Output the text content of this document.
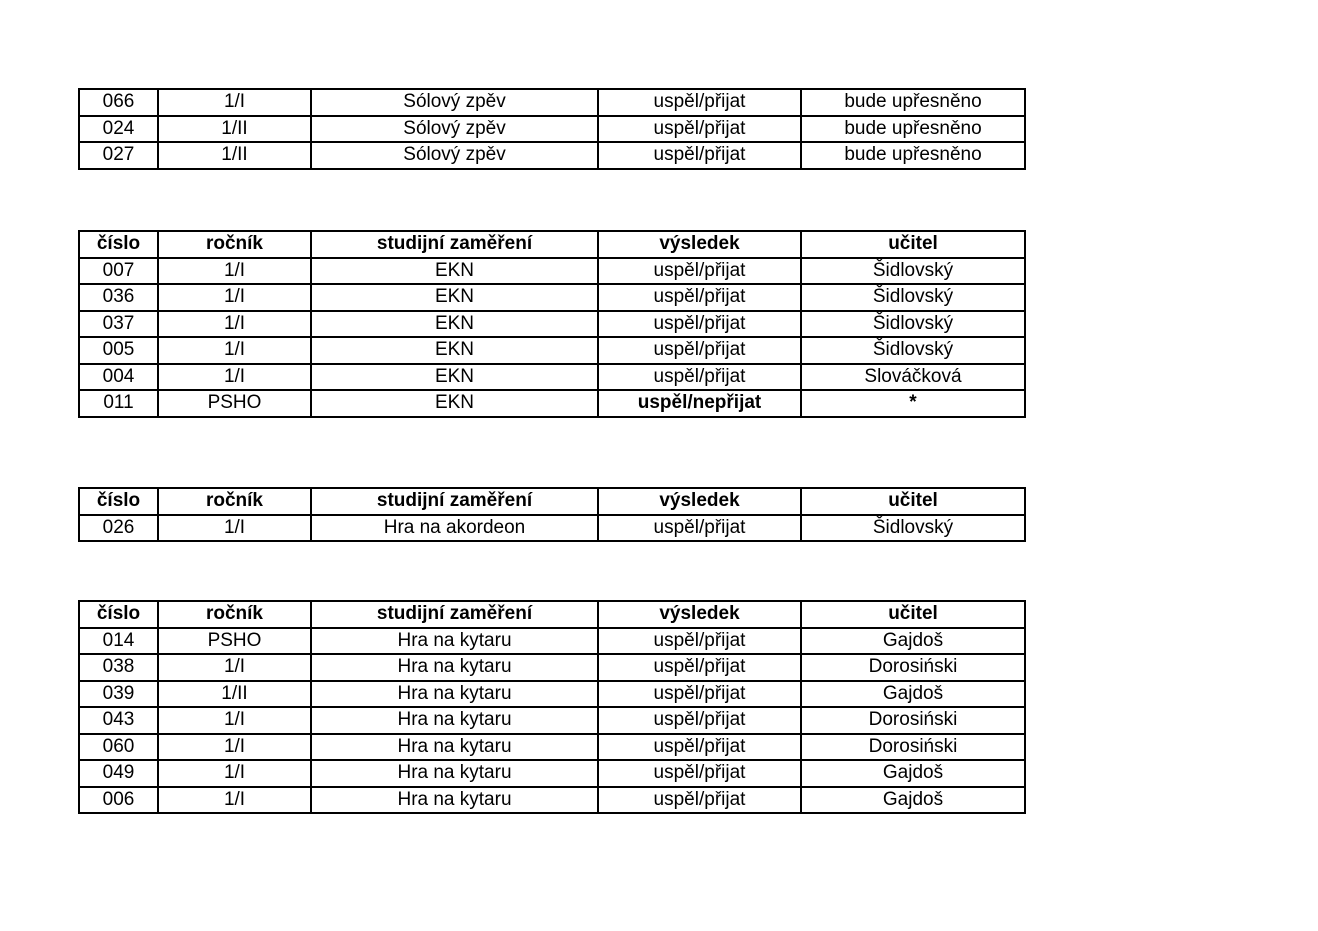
066	1/I	Sólový zpěv	uspěl/přijat	bude upřesněno
024	1/II	Sólový zpěv	uspěl/přijat	bude upřesněno
027	1/II	Sólový zpěv	uspěl/přijat	bude upřesněno
číslo	ročník	studijní zaměření	výsledek	učitel
007	1/I	EKN	uspěl/přijat	Šidlovský
036	1/I	EKN	uspěl/přijat	Šidlovský
037	1/I	EKN	uspěl/přijat	Šidlovský
005	1/I	EKN	uspěl/přijat	Šidlovský
004	1/I	EKN	uspěl/přijat	Slováčková
011	PSHO	EKN	uspěl/nepřijat	*
číslo	ročník	studijní zaměření	výsledek	učitel
026	1/I	Hra na akordeon	uspěl/přijat	Šidlovský
číslo	ročník	studijní zaměření	výsledek	učitel
014	PSHO	Hra na kytaru	uspěl/přijat	Gajdoš
038	1/I	Hra na kytaru	uspěl/přijat	Dorosiński
039	1/II	Hra na kytaru	uspěl/přijat	Gajdoš
043	1/I	Hra na kytaru	uspěl/přijat	Dorosiński
060	1/I	Hra na kytaru	uspěl/přijat	Dorosiński
049	1/I	Hra na kytaru	uspěl/přijat	Gajdoš
006	1/I	Hra na kytaru	uspěl/přijat	Gajdoš
